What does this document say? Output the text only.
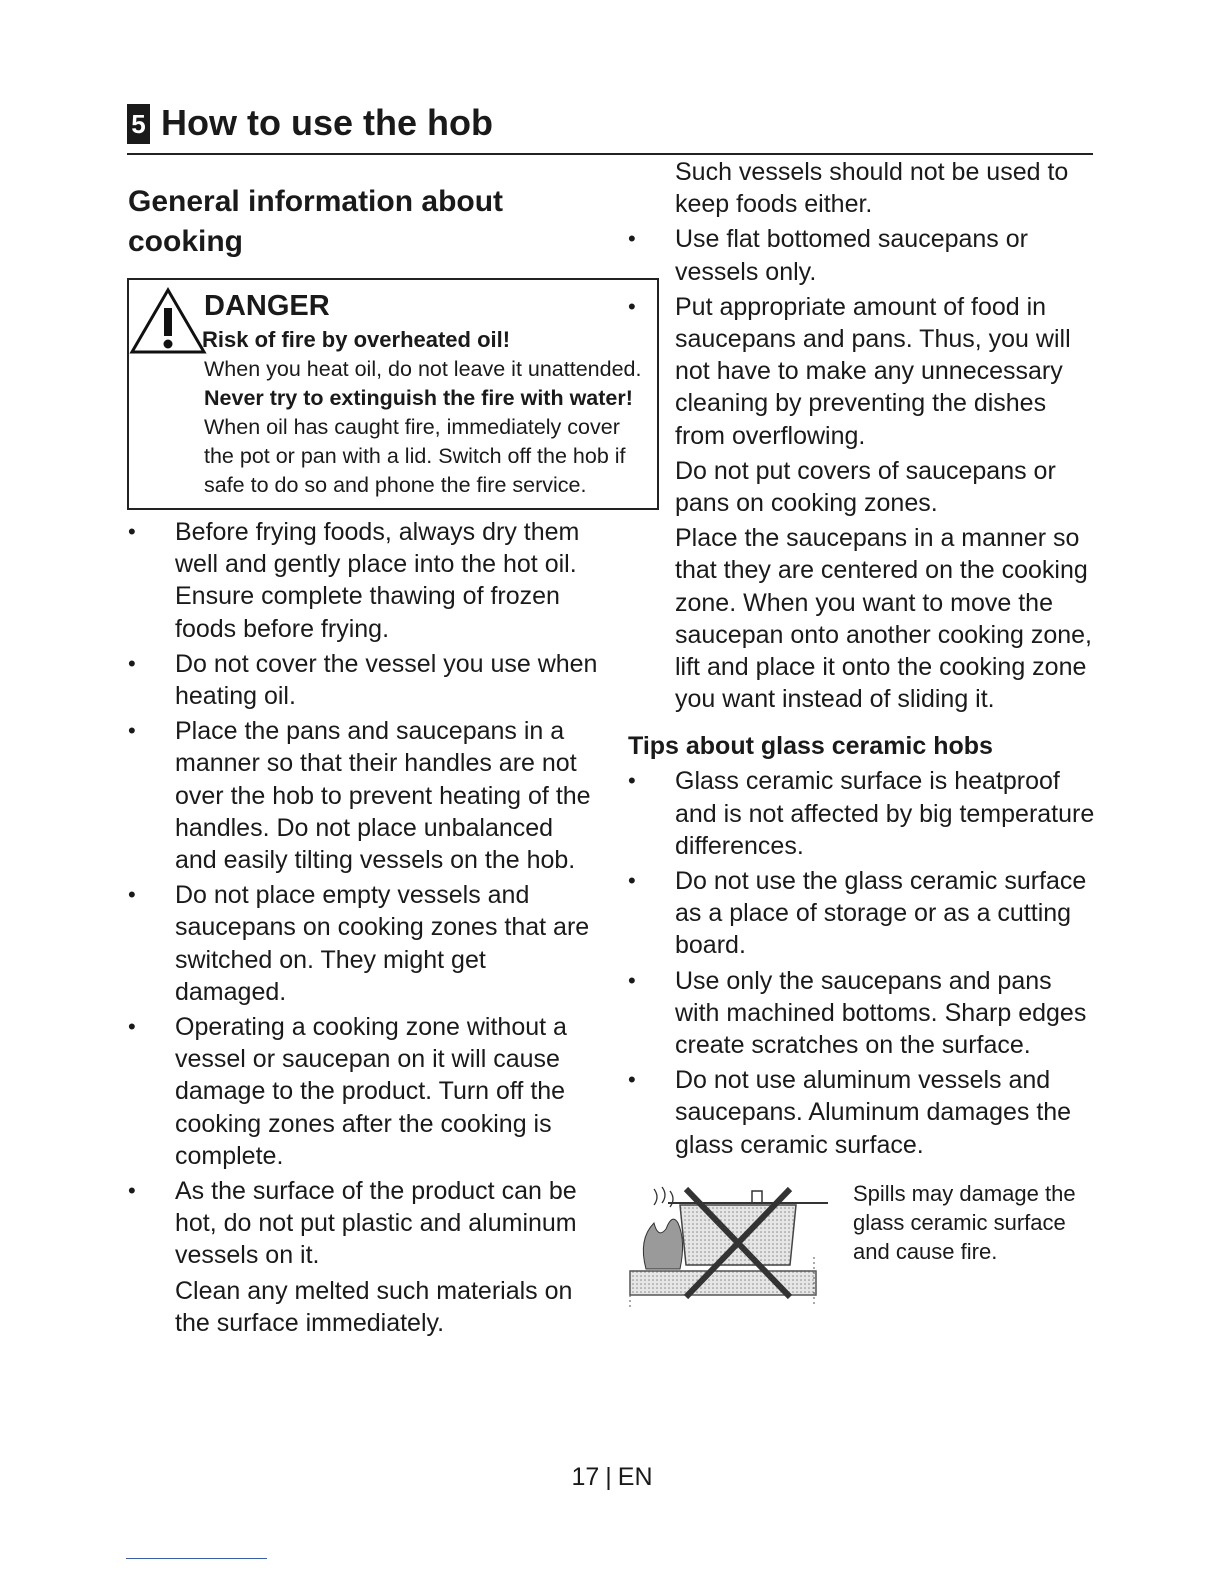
5 How to use the hob
General information about cooking
DANGER
Risk of fire by overheated oil!
When you heat oil, do not leave it unattended.
Never try to extinguish the fire with water! When oil has caught fire, immediately cover the pot or pan with a lid. Switch off the hob if safe to do so and phone the fire service.
• Before frying foods, always dry them well and gently place into the hot oil. Ensure complete thawing of frozen foods before frying.
• Do not cover the vessel you use when heating oil.
• Place the pans and saucepans in a manner so that their handles are not over the hob to prevent heating of the handles. Do not place unbalanced and easily tilting vessels on the hob.
• Do not place empty vessels and saucepans on cooking zones that are switched on. They might get damaged.
• Operating a cooking zone without a vessel or saucepan on it will cause damage to the product. Turn off the cooking zones after the cooking is complete.
• As the surface of the product can be hot, do not put plastic and aluminum vessels on it.
Clean any melted such materials on the surface immediately.
Such vessels should not be used to keep foods either.
• Use flat bottomed saucepans or vessels only.
• Put appropriate amount of food in saucepans and pans. Thus, you will not have to make any unnecessary cleaning by preventing the dishes from overflowing.
Do not put covers of saucepans or pans on cooking zones.
Place the saucepans in a manner so that they are centered on the cooking zone. When you want to move the saucepan onto another cooking zone, lift and place it onto the cooking zone you want instead of sliding it.
Tips about glass ceramic hobs
• Glass ceramic surface is heatproof and is not affected by big temperature differences.
• Do not use the glass ceramic surface as a place of storage or as a cutting board.
• Use only the saucepans and pans with machined bottoms. Sharp edges create scratches on the surface.
• Do not use aluminum vessels and saucepans. Aluminum damages the glass ceramic surface.
Spills may damage the glass ceramic surface and cause fire.
17 | EN
